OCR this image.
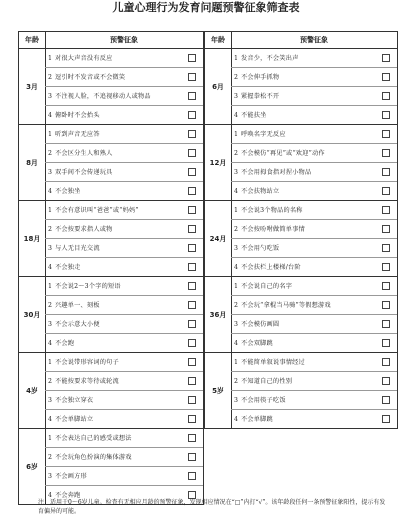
儿童心理行为发育问题预警征象筛查表
年龄	预警征象
3月
1 对很大声音没有反应
2 逗引时不发音或不会微笑
3 不注视人脸，不追视移动人或物品
4 俯卧时不会抬头
8月
1 听到声音无应答
2 不会区分生人和熟人
3 双手间不会传递玩具
4 不会独坐
18月
1 不会有意识叫“爸爸”或“妈妈”
2 不会按要求指人或物
3 与人无目光交流
4 不会独走
30月
1 不会说2～3个字的短语
2 兴趣单一、刻板
3 不会示意大小便
4 不会跑
4岁
1 不会说带形容词的句子
2 不能按要求等待或轮流
3 不会独立穿衣
4 不会单脚站立
6岁
1 不会表达自己的感受或想法
2 不会玩角色扮演的集体游戏
3 不会画方形
4 不会奔跑
年龄	预警征象
6月
1 发音少，不会笑出声
2 不会伸手抓物
3 紧握拳松不开
4 不能扶坐
12月
1 呼唤名字无反应
2 不会模仿“再见”或“欢迎”动作
3 不会用拇食指对捏小物品
4 不会扶物站立
24月
1 不会说3个物品的名称
2 不会按吩咐做简单事情
3 不会用勺吃饭
4 不会扶栏上楼梯/台阶
36月
1 不会说自己的名字
2 不会玩“拿棍当马骑”等假想游戏
3 不会模仿画圆
4 不会双脚跳
5岁
1 不能简单叙说事情经过
2 不知道自己的性别
3 不会用筷子吃饭
4 不会单脚跳
注：适用于0～6岁儿童。检查有无相应月龄的预警征象，发现相应情况在“□”内打“√”。该年龄段任何一条预警征象阳性，提示有发育偏异的可能。
